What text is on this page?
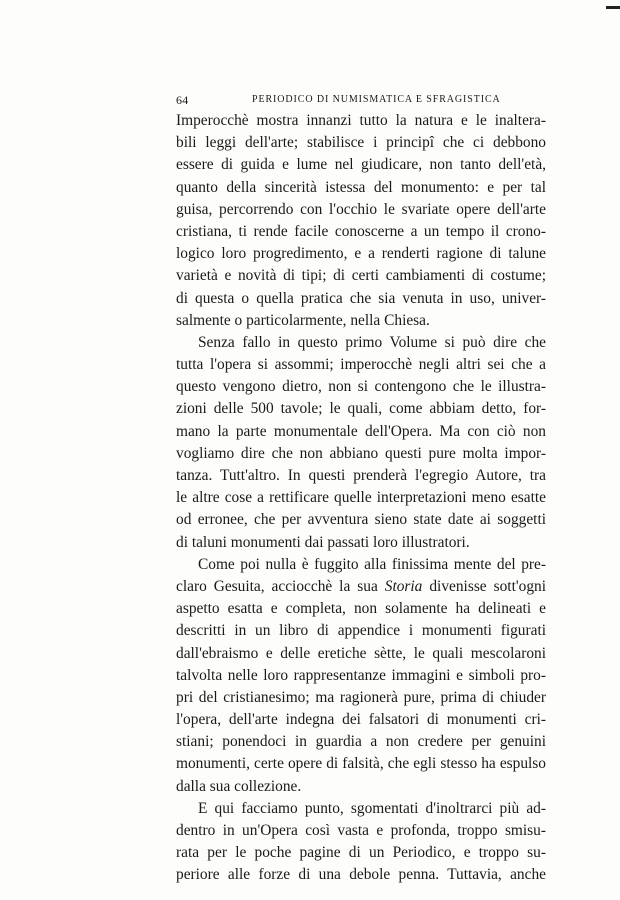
64	PERIODICO DI NUMISMATICA E SFRAGISTICA
Imperocchè mostra innanzi tutto la natura e le inaltera-
bili leggi dell'arte; stabilisce i principî che ci debbono
essere di guida e lume nel giudicare, non tanto dell'età,
quanto della sincerità istessa del monumento: e per tal
guisa, percorrendo con l'occhio le svariate opere dell'arte
cristiana, ti rende facile conoscerne a un tempo il crono-
logico loro progredimento, e a renderti ragione di talune
varietà e novità di tipi; di certi cambiamenti di costume;
di questa o quella pratica che sia venuta in uso, univer-
salmente o particolarmente, nella Chiesa.
Senza fallo in questo primo Volume si può dire che
tutta l'opera si assommi; imperocchè negli altri sei che a
questo vengono dietro, non si contengono che le illustra-
zioni delle 500 tavole; le quali, come abbiam detto, for-
mano la parte monumentale dell'Opera. Ma con ciò non
vogliamo dire che non abbiano questi pure molta impor-
tanza. Tutt'altro. In questi prenderà l'egregio Autore, tra
le altre cose a rettificare quelle interpretazioni meno esatte
od erronee, che per avventura sieno state date ai soggetti
di taluni monumenti dai passati loro illustratori.
Come poi nulla è fuggito alla finissima mente del pre-
claro Gesuita, acciocchè la sua Storia divenisse sott'ogni
aspetto esatta e completa, non solamente ha delineati e
descritti in un libro di appendice i monumenti figurati
dall'ebraismo e delle eretiche sètte, le quali mescolaroni
talvolta nelle loro rappresentanze immagini e simboli pro-
pri del cristianesimo; ma ragionerà pure, prima di chiuder
l'opera, dell'arte indegna dei falsatori di monumenti cri-
stiani; ponendoci in guardia a non credere per genuini
monumenti, certe opere di falsità, che egli stesso ha espulso
dalla sua collezione.
E qui facciamo punto, sgomentati d'inoltrarci più ad-
dentro in un'Opera così vasta e profonda, troppo smisu-
rata per le poche pagine di un Periodico, e troppo su-
periore alle forze di una debole penna. Tuttavia, anche
